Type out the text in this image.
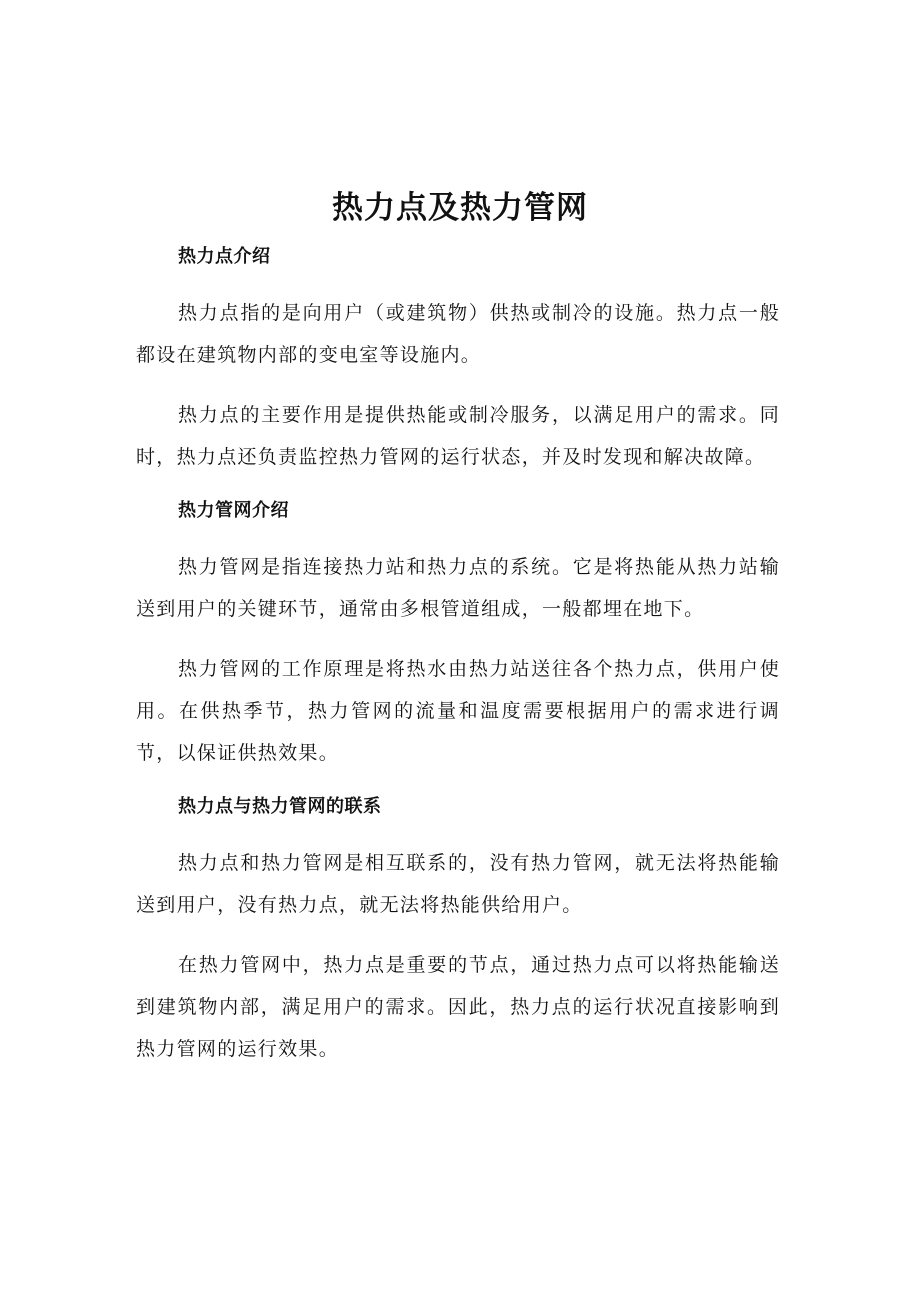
热力点及热力管网
热力点介绍

热力点指的是向用户（或建筑物）供热或制冷的设施。热力点一般都设在建筑物内部的变电室等设施内。

热力点的主要作用是提供热能或制冷服务，以满足用户的需求。同时，热力点还负责监控热力管网的运行状态，并及时发现和解决故障。

热力管网介绍

热力管网是指连接热力站和热力点的系统。它是将热能从热力站输送到用户的关键环节，通常由多根管道组成，一般都埋在地下。

热力管网的工作原理是将热水由热力站送往各个热力点，供用户使用。在供热季节，热力管网的流量和温度需要根据用户的需求进行调节，以保证供热效果。

热力点与热力管网的联系

热力点和热力管网是相互联系的，没有热力管网，就无法将热能输送到用户，没有热力点，就无法将热能供给用户。

在热力管网中，热力点是重要的节点，通过热力点可以将热能输送到建筑物内部，满足用户的需求。因此，热力点的运行状况直接影响到热力管网的运行效果。
